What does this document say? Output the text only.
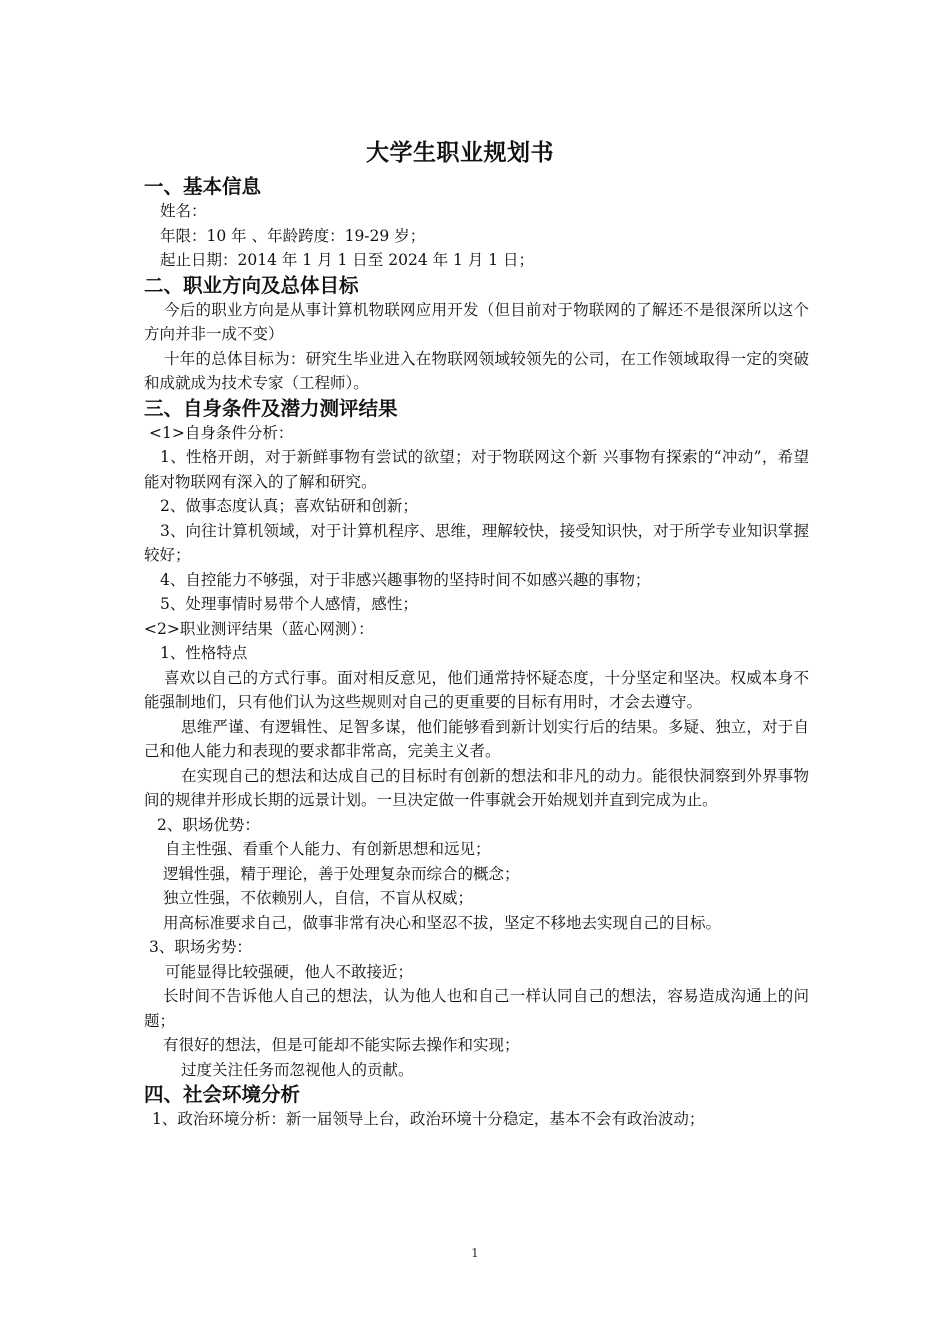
大学生职业规划书
一、基本信息
姓名：
年限：10 年 、年龄跨度：19-29 岁；
起止日期：2014 年 1 月 1 日至 2024 年 1 月 1 日；
二、职业方向及总体目标
今后的职业方向是从事计算机物联网应用开发（但目前对于物联网的了解还不是很深所以这个方向并非一成不变）
十年的总体目标为：研究生毕业进入在物联网领域较领先的公司，在工作领域取得一定的突破和成就成为技术专家（工程师）。
三、自身条件及潜力测评结果
<1>自身条件分析：
1、性格开朗，对于新鲜事物有尝试的欲望；对于物联网这个新 兴事物有探索的“冲动”，希望能对物联网有深入的了解和研究。
2、做事态度认真；喜欢钻研和创新；
3、向往计算机领域，对于计算机程序、思维，理解较快，接受知识快，对于所学专业知识掌握较好；
4、自控能力不够强，对于非感兴趣事物的坚持时间不如感兴趣的事物；
5、处理事情时易带个人感情，感性；
<2>职业测评结果（蓝心网测）：
1、性格特点
喜欢以自己的方式行事。面对相反意见，他们通常持怀疑态度，十分坚定和坚决。权威本身不能强制地们，只有他们认为这些规则对自己的更重要的目标有用时，才会去遵守。
思维严谨、有逻辑性、足智多谋，他们能够看到新计划实行后的结果。多疑、独立，对于自己和他人能力和表现的要求都非常高，完美主义者。
在实现自己的想法和达成自己的目标时有创新的想法和非凡的动力。能很快洞察到外界事物间的规律并形成长期的远景计划。一旦决定做一件事就会开始规划并直到完成为止。
2、职场优势：
自主性强、看重个人能力、有创新思想和远见；
逻辑性强，精于理论，善于处理复杂而综合的概念；
独立性强，不依赖别人，自信，不盲从权威；
用高标准要求自己，做事非常有决心和坚忍不拔，坚定不移地去实现自己的目标。
3、职场劣势：
可能显得比较强硬，他人不敢接近；
长时间不告诉他人自己的想法，认为他人也和自己一样认同自己的想法，容易造成沟通上的问题；
有很好的想法，但是可能却不能实际去操作和实现；
过度关注任务而忽视他人的贡献。
四、社会环境分析
1、政治环境分析：新一届领导上台，政治环境十分稳定，基本不会有政治波动；
1
